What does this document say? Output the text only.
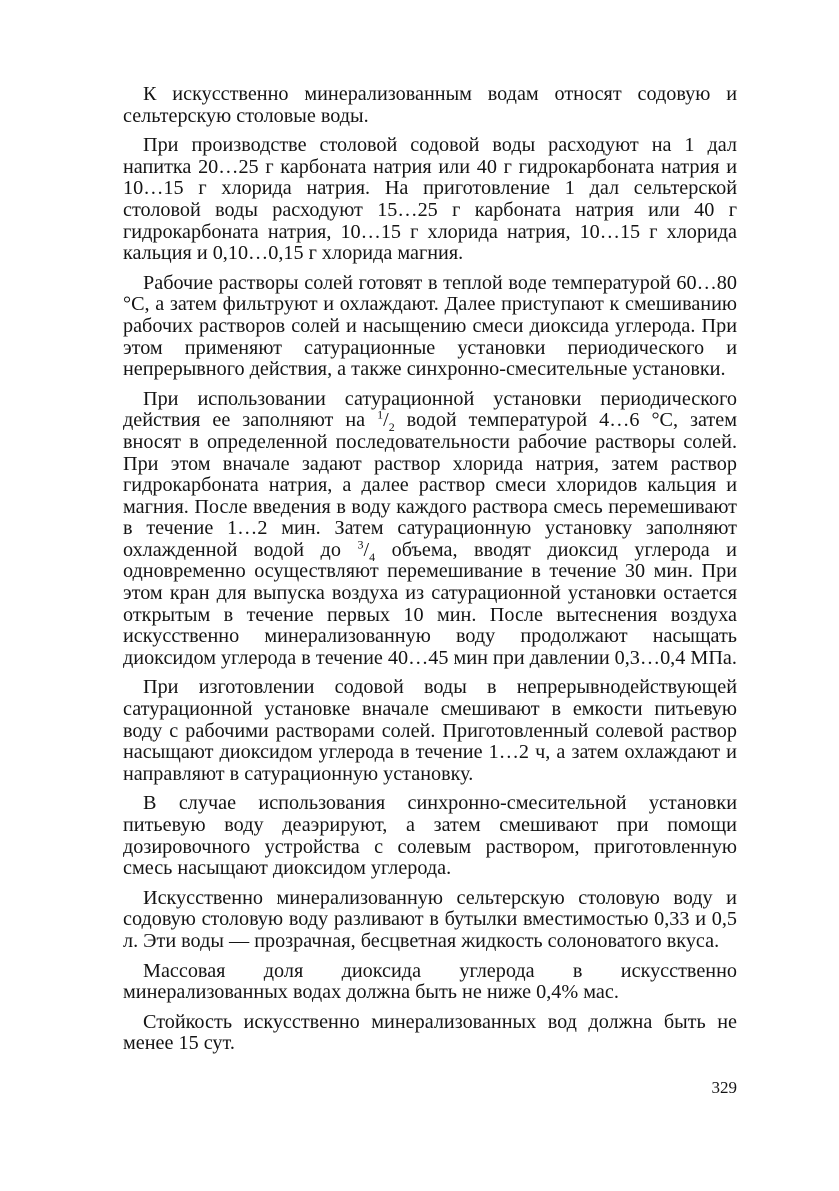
К искусственно минерализованным водам относят содовую и сельтерскую столовые воды.

При производстве столовой содовой воды расходуют на 1 дал напитка 20…25 г карбоната натрия или 40 г гидрокарбоната натрия и 10…15 г хлорида натрия. На приготовление 1 дал сельтерской столовой воды расходуют 15…25 г карбоната натрия или 40 г гидрокарбоната натрия, 10…15 г хлорида натрия, 10…15 г хлорида кальция и 0,10…0,15 г хлорида магния.

Рабочие растворы солей готовят в теплой воде температурой 60…80 °С, а затем фильтруют и охлаждают. Далее приступают к смешиванию рабочих растворов солей и насыщению смеси диоксида углерода. При этом применяют сатурационные установки периодического и непрерывного действия, а также синхронно-смесительные установки.

При использовании сатурационной установки периодического действия ее заполняют на $^1/_2$ водой температурой 4…6 °С, затем вносят в определенной последовательности рабочие растворы солей. При этом вначале задают раствор хлорида натрия, затем раствор гидрокарбоната натрия, а далее раствор смеси хлоридов кальция и магния. После введения в воду каждого раствора смесь перемешивают в течение 1…2 мин. Затем сатурационную установку заполняют охлажденной водой до $^3/_4$ объема, вводят диоксид углерода и одновременно осуществляют перемешивание в течение 30 мин. При этом кран для выпуска воздуха из сатурационной установки остается открытым в течение первых 10 мин. После вытеснения воздуха искусственно минерализованную воду продолжают насыщать диоксидом углерода в течение 40…45 мин при давлении 0,3…0,4 МПа.

При изготовлении содовой воды в непрерывнодействующей сатурационной установке вначале смешивают в емкости питьевую воду с рабочими растворами солей. Приготовленный солевой раствор насыщают диоксидом углерода в течение 1…2 ч, а затем охлаждают и направляют в сатурационную установку.

В случае использования синхронно-смесительной установки питьевую воду деаэрируют, а затем смешивают при помощи дозировочного устройства с солевым раствором, приготовленную смесь насыщают диоксидом углерода.

Искусственно минерализованную сельтерскую столовую воду и содовую столовую воду разливают в бутылки вместимостью 0,33 и 0,5 л. Эти воды — прозрачная, бесцветная жидкость солоноватого вкуса.

Массовая доля диоксида углерода в искусственно минерализованных водах должна быть не ниже 0,4% мас.

Стойкость искусственно минерализованных вод должна быть не менее 15 сут.

329
